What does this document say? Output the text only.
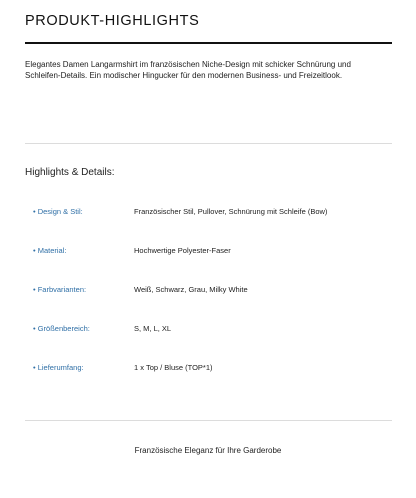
PRODUKT-HIGHLIGHTS

Elegantes Damen Langarmshirt im französischen Niche-Design mit schicker Schnürung und Schleifen-Details. Ein modischer Hingucker für den modernen Business- und Freizeitlook.

Highlights & Details:
• Design & Stil:	Französischer Stil, Pullover, Schnürung mit Schleife (Bow)
• Material:	Hochwertige Polyester-Faser
• Farbvarianten:	Weiß, Schwarz, Grau, Milky White
• Größenbereich:	S, M, L, XL
• Lieferumfang:	1 x Top / Bluse (TOP*1)
Französische Eleganz für Ihre Garderobe
